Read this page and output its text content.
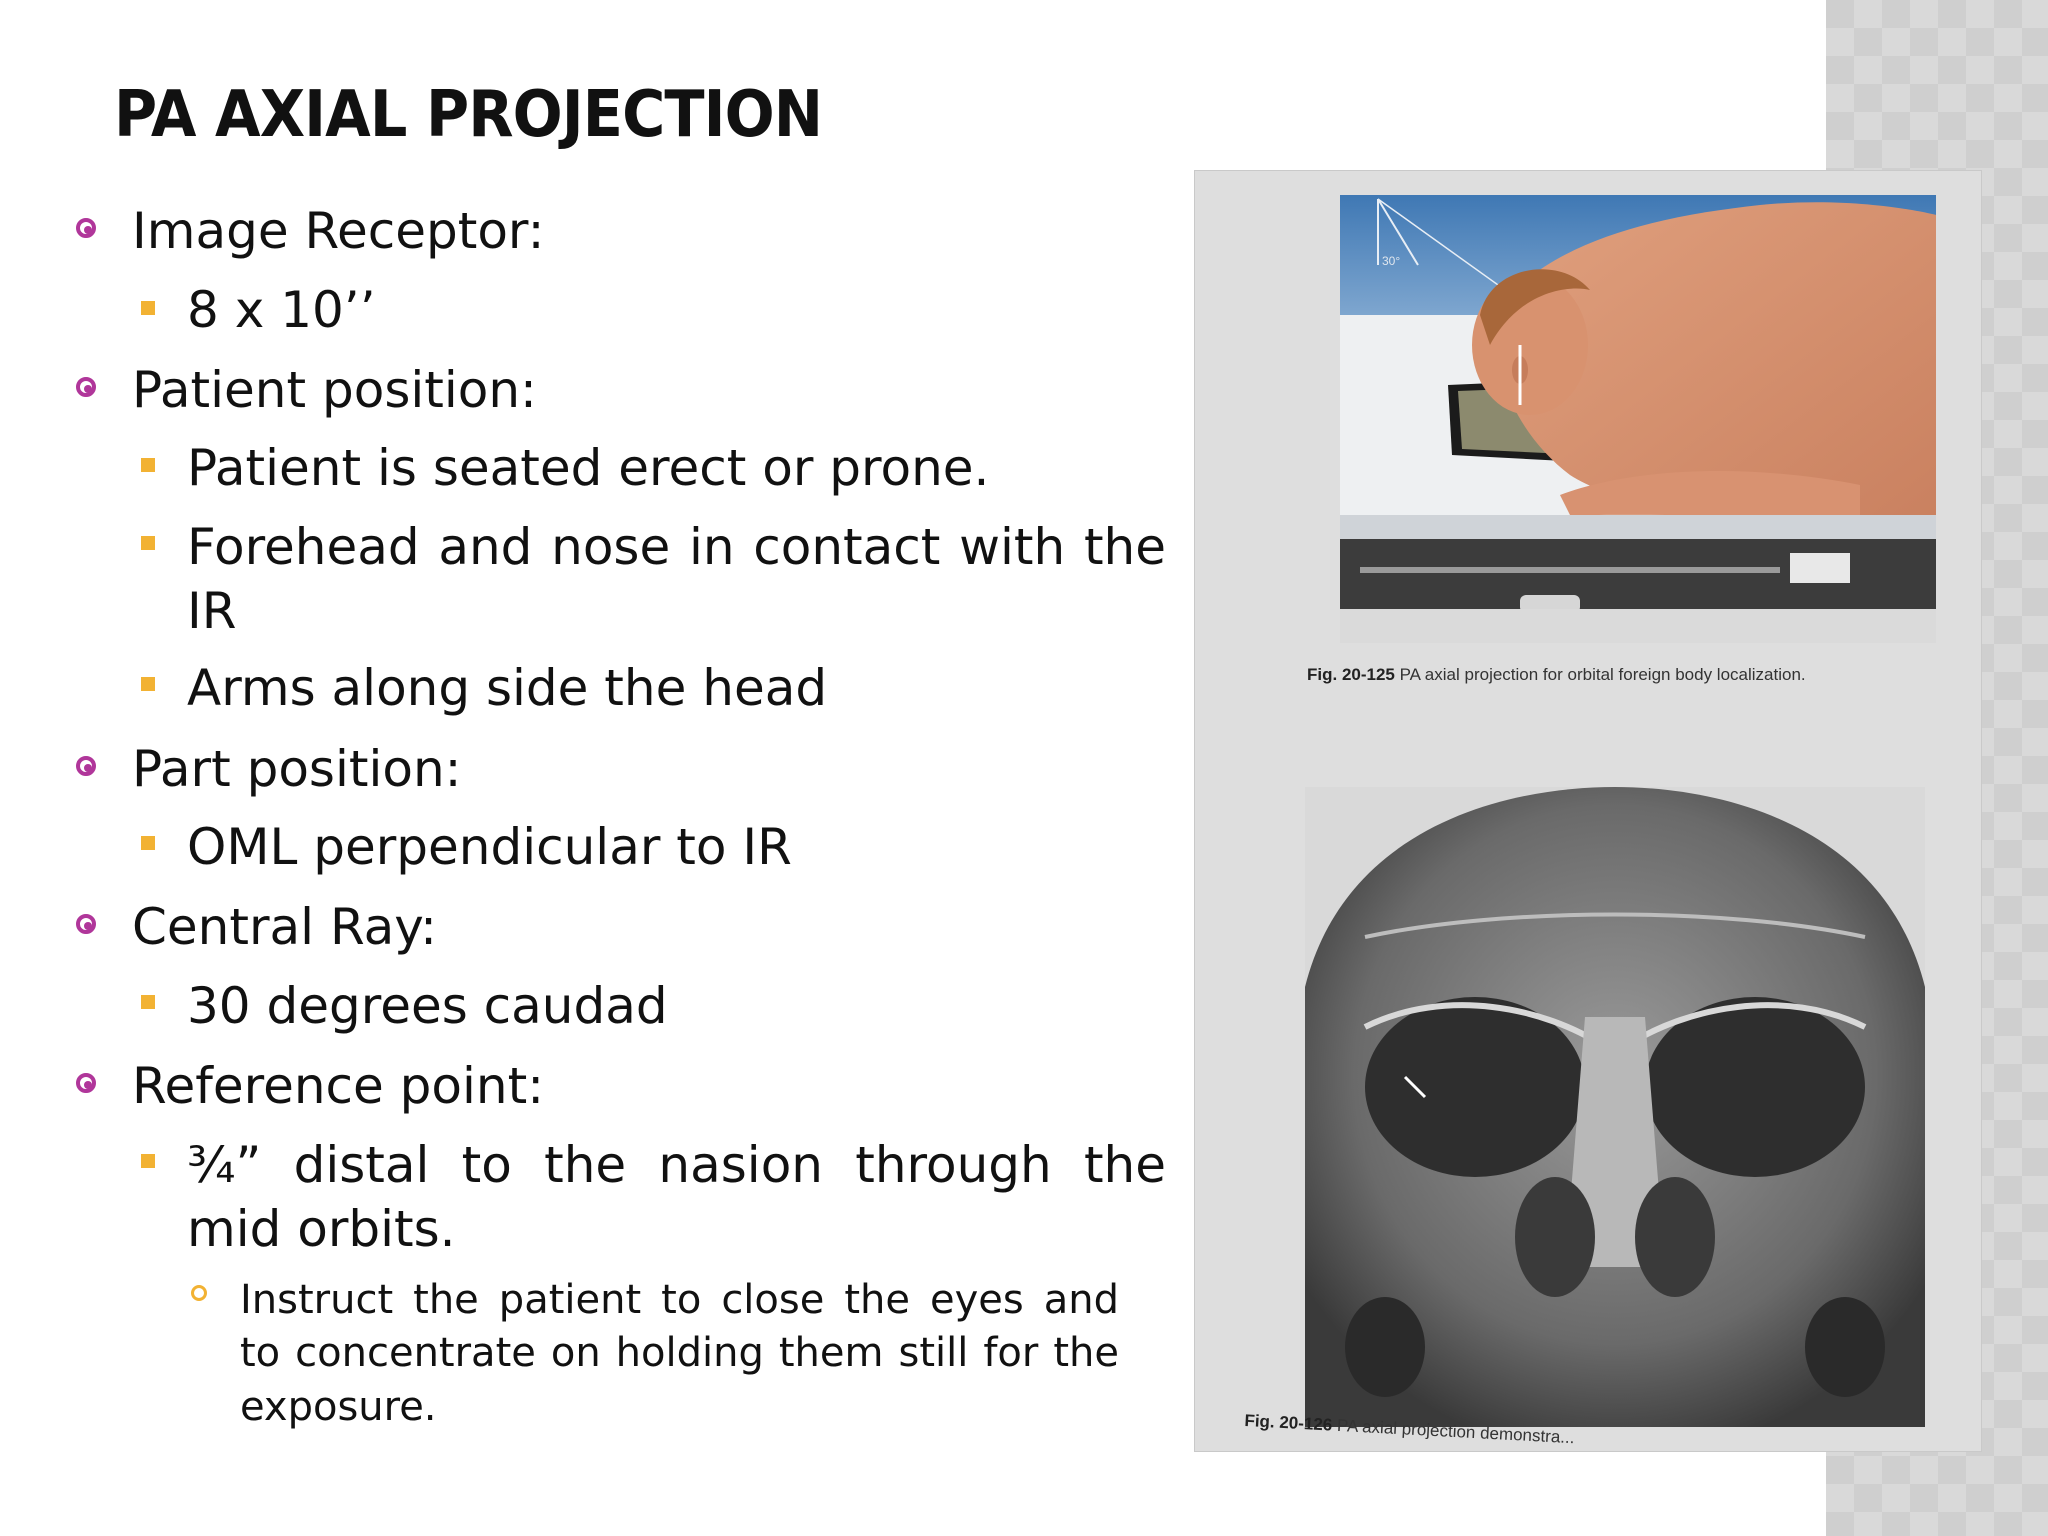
PA AXIAL PROJECTION
Image Receptor:
8 x 10’’
Patient position:
Patient is seated erect or prone.
Forehead and nose in contact with the
IR
Arms along side the head
Part position:
OML perpendicular to IR
Central Ray:
30 degrees caudad
Reference point:
¾” distal to the nasion through the
mid orbits.
Instruct the patient to close the eyes and
to concentrate on holding them still for the
exposure.
30°
Fig. 20-125 PA axial projection for orbital foreign body localization.
Fig. 20-126 PA axial projection demonstra...
